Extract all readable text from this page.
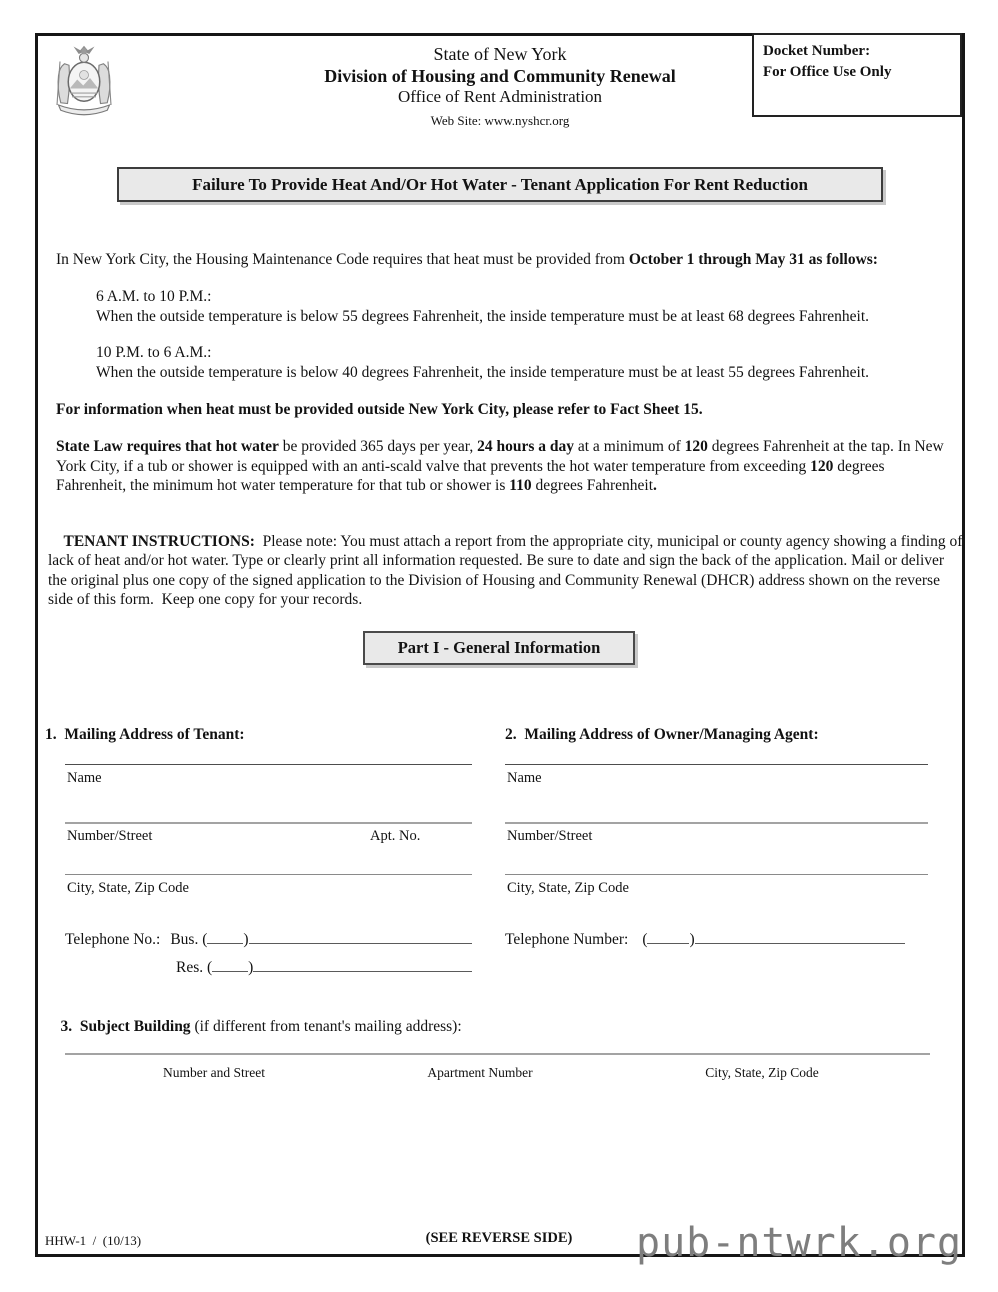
State of New York
Division of Housing and Community Renewal
Office of Rent Administration
Web Site: www.nyshcr.org
Docket Number:
For Office Use Only
Failure To Provide Heat And/Or Hot Water - Tenant Application For Rent Reduction
In New York City, the Housing Maintenance Code requires that heat must be provided from October 1 through May 31 as follows:
6 A.M. to 10 P.M.:
When the outside temperature is below 55 degrees Fahrenheit, the inside temperature must be at least 68 degrees Fahrenheit.
10 P.M. to 6 A.M.:
When the outside temperature is below 40 degrees Fahrenheit, the inside temperature must be at least 55 degrees Fahrenheit.
For information when heat must be provided outside New York City, please refer to Fact Sheet 15.
State Law requires that hot water be provided 365 days per year, 24 hours a day at a minimum of 120 degrees Fahrenheit at the tap. In New York City, if a tub or shower is equipped with an anti-scald valve that prevents the hot water temperature from exceeding 120 degrees Fahrenheit, the minimum hot water temperature for that tub or shower is 110 degrees Fahrenheit.

TENANT INSTRUCTIONS:  Please note: You must attach a report from the appropriate city, municipal or county agency showing a finding of lack of heat and/or hot water. Type or clearly print all information requested. Be sure to date and sign the back of the application. Mail or deliver the original plus one copy of the signed application to the Division of Housing and Community Renewal (DHCR) address shown on the reverse side of this form.  Keep one copy for your records.

Part I - General Information
1.  Mailing Address of Tenant:	2.  Mailing Address of Owner/Managing Agent:
Name
Number/Street	Apt. No.
City, State, Zip Code
Telephone No.: Bus. ( )
Res. ( )
Name
Number/Street
City, State, Zip Code
Telephone Number: (	)

3.  Subject Building (if different from tenant's mailing address):

Number and Street	Apartment Number	City, State, Zip Code
HHW-1  /  (10/13)	(SEE REVERSE SIDE)	pub-ntwrk.org
